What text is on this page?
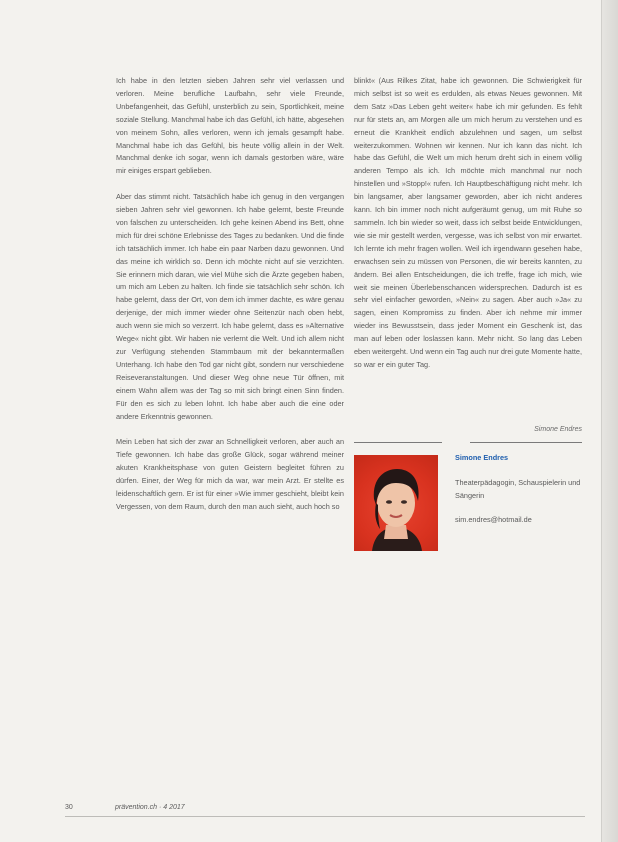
Ich habe in den letzten sieben Jahren sehr viel verlassen und verloren. Meine berufliche Laufbahn, sehr viele Freunde, Unbefangenheit, das Gefühl, unsterblich zu sein, Sportlichkeit, meine soziale Stellung. Manchmal habe ich das Gefühl, ich hätte, abgesehen von meinem Sohn, alles verloren, wenn ich jemals gesampft habe. Manchmal habe ich das Gefühl, bis heute völlig allein in der Welt. Manchmal denke ich sogar, wenn ich damals gestorben wäre, wäre mir einiges erspart geblieben.

Aber das stimmt nicht. Tatsächlich habe ich genug in den vergangen sieben Jahren sehr viel gewonnen. Ich habe gelernt, beste Freunde von falschen zu unterscheiden. Ich gehe keinen Abend ins Bett, ohne mich für drei schöne Erlebnisse des Tages zu bedanken. Und die finde ich tatsächlich immer. Ich habe ein paar Narben dazu gewonnen. Und das meine ich wirklich so. Denn ich möchte nicht auf sie verzichten. Sie erinnern mich daran, wie viel Mühe sich die Ärzte gegeben haben, um mich am Leben zu halten. Ich finde sie tatsächlich sehr schön. Ich habe gelernt, dass der Ort, von dem ich immer dachte, es wäre genau derjenige, der mich immer wieder ohne Seitenzür nach oben hebt, auch wenn sie mich so verzerrt. Ich habe gelernt, dass es »Alternative Wege« nicht gibt. Wir haben nie verlernt die Welt. Und ich allem nicht zur Verfügung stehenden Stammbaum mit der bekanntermaßen Unterhang. Ich habe den Tod gar nicht gibt, sondern nur verschiedene Reiseveranstaltungen. Und dieser Weg ohne neue Tür öffnen, mit einem Wahn allem was der Tag so mit sich bringt einen Sinn finden. Für den es sich zu leben lohnt. Ich habe aber auch die eine oder andere Erkenntnis gewonnen.

Mein Leben hat sich der zwar an Schnelligkeit verloren, aber auch an Tiefe gewonnen. Ich habe das große Glück, sogar während meiner akuten Krankheitsphase von guten Geistern begleitet führen zu dürfen. Einer, der Weg für mich da war, war mein Arzt. Er stellte es leidenschaftlich gern. Er ist für einer »Wie immer geschieht, bleibt kein Vergessen, von dem Raum, durch den man auch sieht, auch hoch so

blinkt« (Aus Rilkes Zitat, habe ich gewonnen. Die Schwierigkeit für mich selbst ist so weit es erdulden, als etwas Neues gewonnen. Mit dem Satz »Das Leben geht weiter« habe ich mir gefunden. Es fehlt nur für stets an, am Morgen alle um mich herum zu verstehen und es erneut die Krankheit endlich abzulehnen und sagen, um selbst weiterzukommen. Wohnen wir kennen. Nur ich kann das nicht. Ich habe das Gefühl, die Welt um mich herum dreht sich in einem völlig anderen Tempo als ich. Ich möchte mich manchmal nur noch hinstellen und »Stopp!« rufen. Ich Hauptbeschäftigung nicht mehr. Ich bin langsamer, aber langsamer geworden, aber ich nicht anderes kann. Ich bin immer noch nicht aufgeräumt genug, um mit Ruhe so sammeln. Ich bin wieder so weit, dass ich selbst beide Entwicklungen, wie sie mir gestellt werden, vergesse, was ich selbst von mir erwartet. Ich lernte ich mehr fragen wollen. Weil ich irgendwann gesehen habe, erwachsen sein zu müssen von Personen, die wir bereits kannten, zu ändern. Bei allen Entscheidungen, die ich treffe, frage ich mich, wie weit sie meinen Überlebenschancen widersprechen. Dadurch ist es sehr viel einfacher geworden, »Nein« zu sagen. Aber auch »Ja« zu sagen, einen Kompromiss zu finden. Aber ich nehme mir immer wieder ins Bewusstsein, dass jeder Moment ein Geschenk ist, das man auf leben oder loslassen kann. Mehr nicht. So lang das Leben eben weitergeht. Und wenn ein Tag auch nur drei gute Momente hatte, so war er ein guter Tag.

Simone Endres
Simone Endres
Theaterpädagogin, Schauspielerin und Sängerin
sim.endres@hotmail.de
30	prävention.ch · 4 2017
